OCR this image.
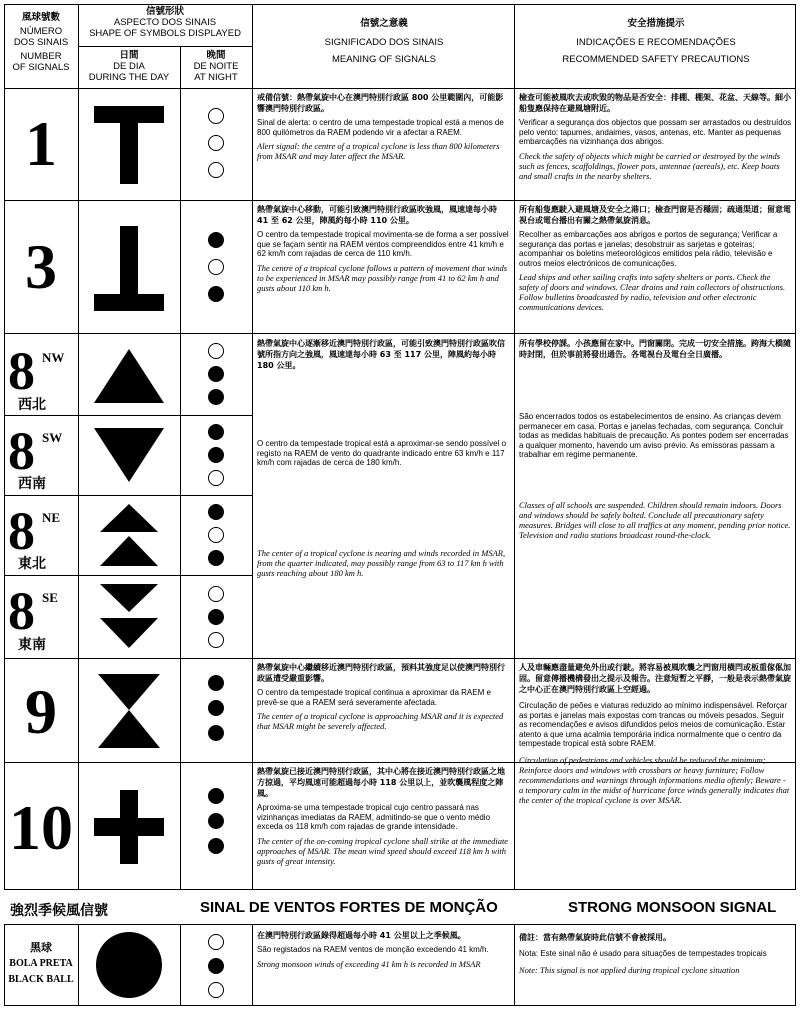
風球號數
NÚMERO
DOS SINAIS
NUMBER
OF SIGNALS
信號形狀
ASPECTO DOS SINAIS
SHAPE OF SYMBOLS DISPLAYED
日間
DE DIA
DURING THE DAY
晚間
DE NOITE
AT NIGHT
信號之意義
SIGNIFICADO DOS SINAIS
MEANING OF SIGNALS
安全措施提示
INDICAÇÕES E RECOMENDAÇÕES
RECOMMENDED SAFETY PRECAUTIONS
1
戒備信號：熱帶氣旋中心在澳門特別行政區 800 公里範圍內，可能影響澳門特別行政區。
Sinal de alerta: o centro de uma tempestade tropical está a menos de 800 quilómetros da RAEM podendo vir a afectar a RAEM.
Alert signal: the centre of a tropical cyclone is less than 800 kilometers from MSAR and may later affect the MSAR.
檢查可能被風吹去或吹毀的物品是否安全：排棚、棚架、花盆、天線等。細小船隻應保持在避風塘附近。
Verificar a segurança dos objectos que possam ser arrastados ou destruídos pelo vento: tapumes, andaimes, vasos, antenas, etc. Manter as pequenas embarcações na vizinhança dos abrigos.
Check the safety of objects which might be carried or destroyed by the winds such as fences, scaffoldings, flower pots, antennae (aereals), etc. Keep boats and small crafts in the nearby shelters.
3
熱帶氣旋中心移動，可能引致澳門特別行政區吹強風，風速達每小時 41 至 62 公里，陣風約每小時 110 公里。
O centro da tempestade tropical movimenta-se de forma a ser possível que se façam sentir na RAEM ventos compreendidos entre 41 km/h e 62 km/h com rajadas de cerca de 110 km/h.
The centre of a tropical cyclone follows a pattern of movement that winds to be experienced in MSAR may possibly range from 41 to 62 km h and gusts about 110 km h.
所有船隻應駛入避風塘及安全之港口；檢查門窗是否穩固；疏通渠道；留意電視台或電台播出有關之熱帶氣旋消息。
Recolher as embarcações aos abrigos e portos de segurança; Verificar a segurança das portas e janelas; desobstruir as sarjetas e goteiras; acompanhar os boletins meteorológicos emitidos pela rádio, televisão e outros meios electrónicos de comunicações.
Lead ships and other sailing crafts into safety shelters or ports. Check the safety of doors and windows. Clear drains and rain collectors of obstructions. Follow bulletins broadcasted by radio, television and other electronic communications devices.
8 NW
西北
8 SW
西南
8 NE
東北
8 SE
東南
熱帶氣旋中心逐漸移近澳門特別行政區，可能引致澳門特別行政區吹信號所指方向之強風，風速達每小時 63 至 117 公里，陣風約每小時 180 公里。
O centro da tempestade tropical está a aproximar-se sendo possível o registo na RAEM de vento do quadrante indicado entre 63 km/h e 117 km/h com rajadas de cerca de 180 km/h.
The center of a tropical cyclone is nearing and winds recorded in MSAR, from the quarter indicated, may possibly range from 63 to 117 km h with gusts reaching about 180 km h.
所有學校停課。小孩應留在家中。門窗關閉。完成一切安全措施。跨海大橋隨時封閉，但於事前將發出通告。各電視台及電台全日廣播。
São encerrados todos os estabelecimentos de ensino. As crianças devem permanecer em casa. Portas e janelas fechadas, com segurança. Concluir todas as medidas habituais de precaução. As pontes podem ser encerradas a qualquer momento, havendo um aviso prévio. As emissoras passam a trabalhar em regime permanente.
Classes of all schools are suspended. Children should remain indoors. Doors and windows should be safely bolted. Conclude all precautionary safety measures. Bridges will close to all traffics at any moment, pending prior notice. Television and radio stations broadcast round-the-clock.
9
熱帶氣旋中心繼續移近澳門特別行政區，預料其強度足以使澳門特別行政區遭受嚴重影響。
O centro da tempestade tropical continua a aproximar da RAEM e prevê-se que a RAEM será severamente afectada.
The center of a tropical cyclone is approaching MSAR and it is expected that MSAR might be severely affected.
10
熱帶氣旋已接近澳門特別行政區，其中心將在接近澳門特別行政區之地方掠過，平均風速可能超過每小時 118 公里以上，並吹襲風程度之陣風。
Aproxima-se uma tempestade tropical cujo centro passará nas vizinhanças imediatas da RAEM, admitindo-se que o vento médio exceda os 118 km/h com rajadas de grande intensidade.
The center of the on-coming tropical cyclone shall strike at the immediate approaches of MSAR. The mean wind speed should exceed 118 km h with gusts of great intensity.
人及車輛應盡量避免外出或行駛。將容易被風吹襲之門窗用橫閂或板重傢俬加固。留意傳播機構發出之提示及報告。注意短暫之平靜，一般是表示熱帶氣旋之中心正在澳門特別行政區上空經過。
Circulação de peões e viaturas reduzido ao mínimo indispensável. Reforçar as portas e janelas mais expostas com trancas ou móveis pesados. Seguir as recomendações e avisos difundidos pelos meios de comunicação. Estar atento a que uma acalmia temporária indica normalmente que o centro da tempestade tropical está sobre RAEM.
Circulation of pedestrians and vehicles should be reduced the minimum; Reinforce doors and windows with crossbars or heavy furniture; Follow recommendations and warnings through informations media oftenly; Beware - a temporary calm in the midst of hurricane force winds generally indicates that the center of the tropical cyclone is over MSAR.
強烈季候風信號	SINAL DE VENTOS FORTES DE MONÇÃO	STRONG MONSOON SIGNAL
黑球
BOLA PRETA
BLACK BALL
在澳門特別行政區錄得超過每小時 41 公里以上之季候風。
São registados na RAEM ventos de monção excedendo 41 km/h.
Strong monsoon winds of exceeding 41 km h is recorded in MSAR
備註：當有熱帶氣旋時此信號不會被採用。
Nota: Este sinal não é usado para situações de tempestades tropicais
Note: This signal is not applied during tropical cyclone situation
